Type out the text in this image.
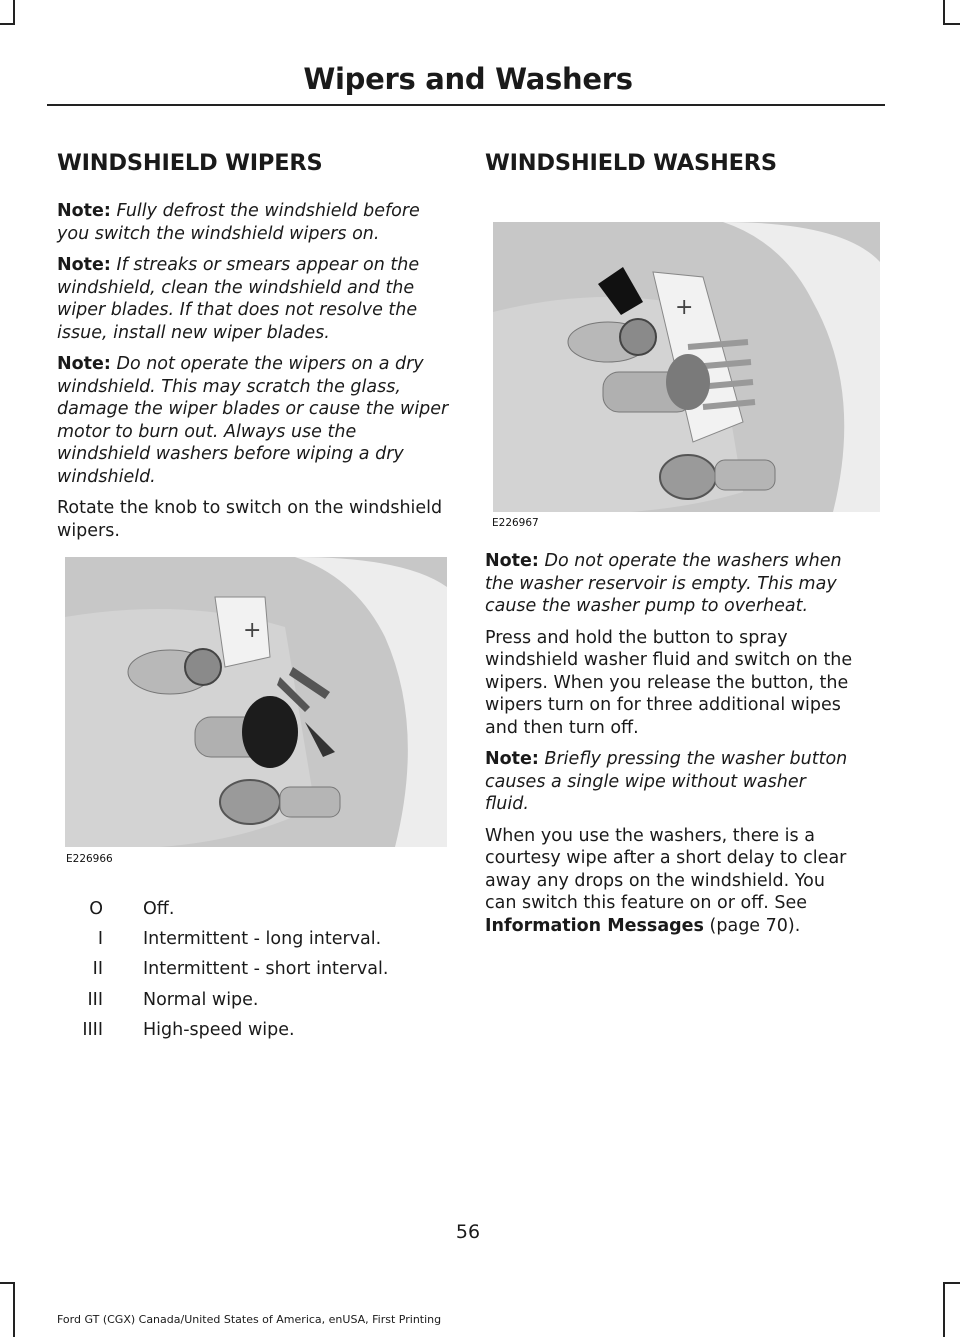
Wipers and Washers
WINDSHIELD WIPERS

Note: Fully defrost the windshield before you switch the windshield wipers on.

Note: If streaks or smears appear on the windshield, clean the windshield and the wiper blades. If that does not resolve the issue, install new wiper blades.

Note: Do not operate the wipers on a dry windshield. This may scratch the glass, damage the wiper blades or cause the wiper motor to burn out. Always use the windshield washers before wiping a dry windshield.

Rotate the knob to switch on the windshield wipers.

+
E226966
O Off.
I Intermittent - long interval.
II Intermittent - short interval.
III Normal wipe.
IIII High-speed wipe.
WINDSHIELD WASHERS
+
E226967

Note: Do not operate the washers when the washer reservoir is empty. This may cause the washer pump to overheat.

Press and hold the button to spray windshield washer fluid and switch on the wipers. When you release the button, the wipers turn on for three additional wipes and then turn off.

Note: Briefly pressing the washer button causes a single wipe without washer fluid.

When you use the washers, there is a courtesy wipe after a short delay to clear away any drops on the windshield. You can switch this feature on or off. See Information Messages (page 70).

56
Ford GT (CGX) Canada/United States of America, enUSA, First Printing
